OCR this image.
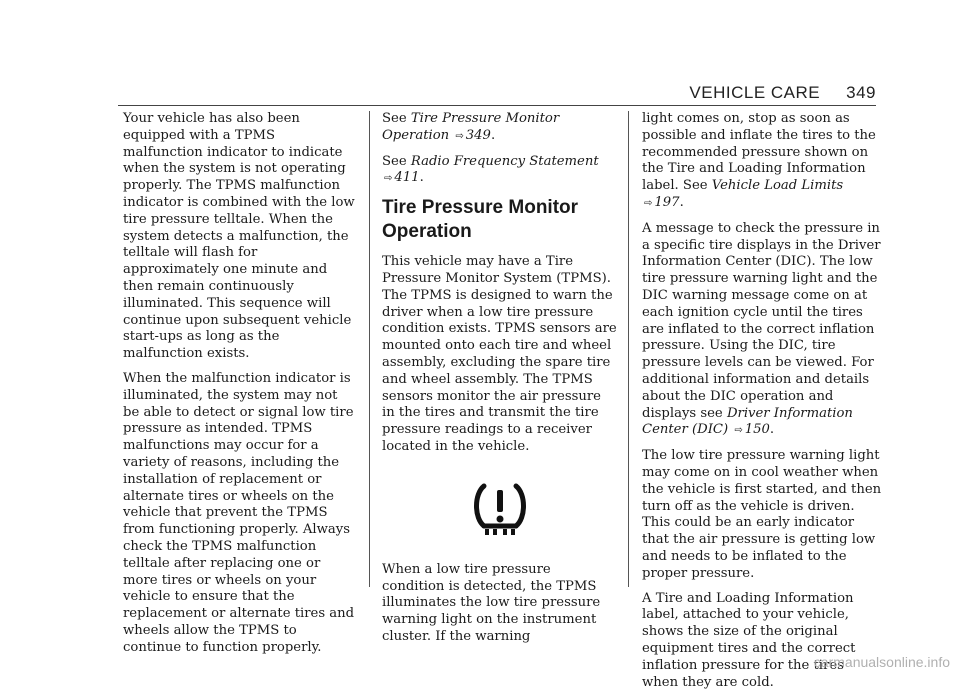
VEHICLE CARE 349

Your vehicle has also been equipped with a TPMS malfunction indicator to indicate when the system is not operating properly. The TPMS malfunction indicator is combined with the low tire pressure telltale. When the system detects a malfunction, the telltale will flash for approximately one minute and then remain continuously illuminated. This sequence will continue upon subsequent vehicle start-ups as long as the malfunction exists.

When the malfunction indicator is illuminated, the system may not be able to detect or signal low tire pressure as intended. TPMS malfunctions may occur for a variety of reasons, including the installation of replacement or alternate tires or wheels on the vehicle that prevent the TPMS from functioning properly. Always check the TPMS malfunction telltale after replacing one or more tires or wheels on your vehicle to ensure that the replacement or alternate tires and wheels allow the TPMS to continue to function properly.

See Tire Pressure Monitor Operation ⇨ 349.

See Radio Frequency Statement ⇨ 411.

Tire Pressure Monitor Operation

This vehicle may have a Tire Pressure Monitor System (TPMS). The TPMS is designed to warn the driver when a low tire pressure condition exists. TPMS sensors are mounted onto each tire and wheel assembly, excluding the spare tire and wheel assembly. The TPMS sensors monitor the air pressure in the tires and transmit the tire pressure readings to a receiver located in the vehicle.

When a low tire pressure condition is detected, the TPMS illuminates the low tire pressure warning light on the instrument cluster. If the warning

light comes on, stop as soon as possible and inflate the tires to the recommended pressure shown on the Tire and Loading Information label. See Vehicle Load Limits ⇨ 197.

A message to check the pressure in a specific tire displays in the Driver Information Center (DIC). The low tire pressure warning light and the DIC warning message come on at each ignition cycle until the tires are inflated to the correct inflation pressure. Using the DIC, tire pressure levels can be viewed. For additional information and details about the DIC operation and displays see Driver Information Center (DIC) ⇨ 150.

The low tire pressure warning light may come on in cool weather when the vehicle is first started, and then turn off as the vehicle is driven. This could be an early indicator that the air pressure is getting low and needs to be inflated to the proper pressure.

A Tire and Loading Information label, attached to your vehicle, shows the size of the original equipment tires and the correct inflation pressure for the tires when they are cold.

carmanualsonline.info
